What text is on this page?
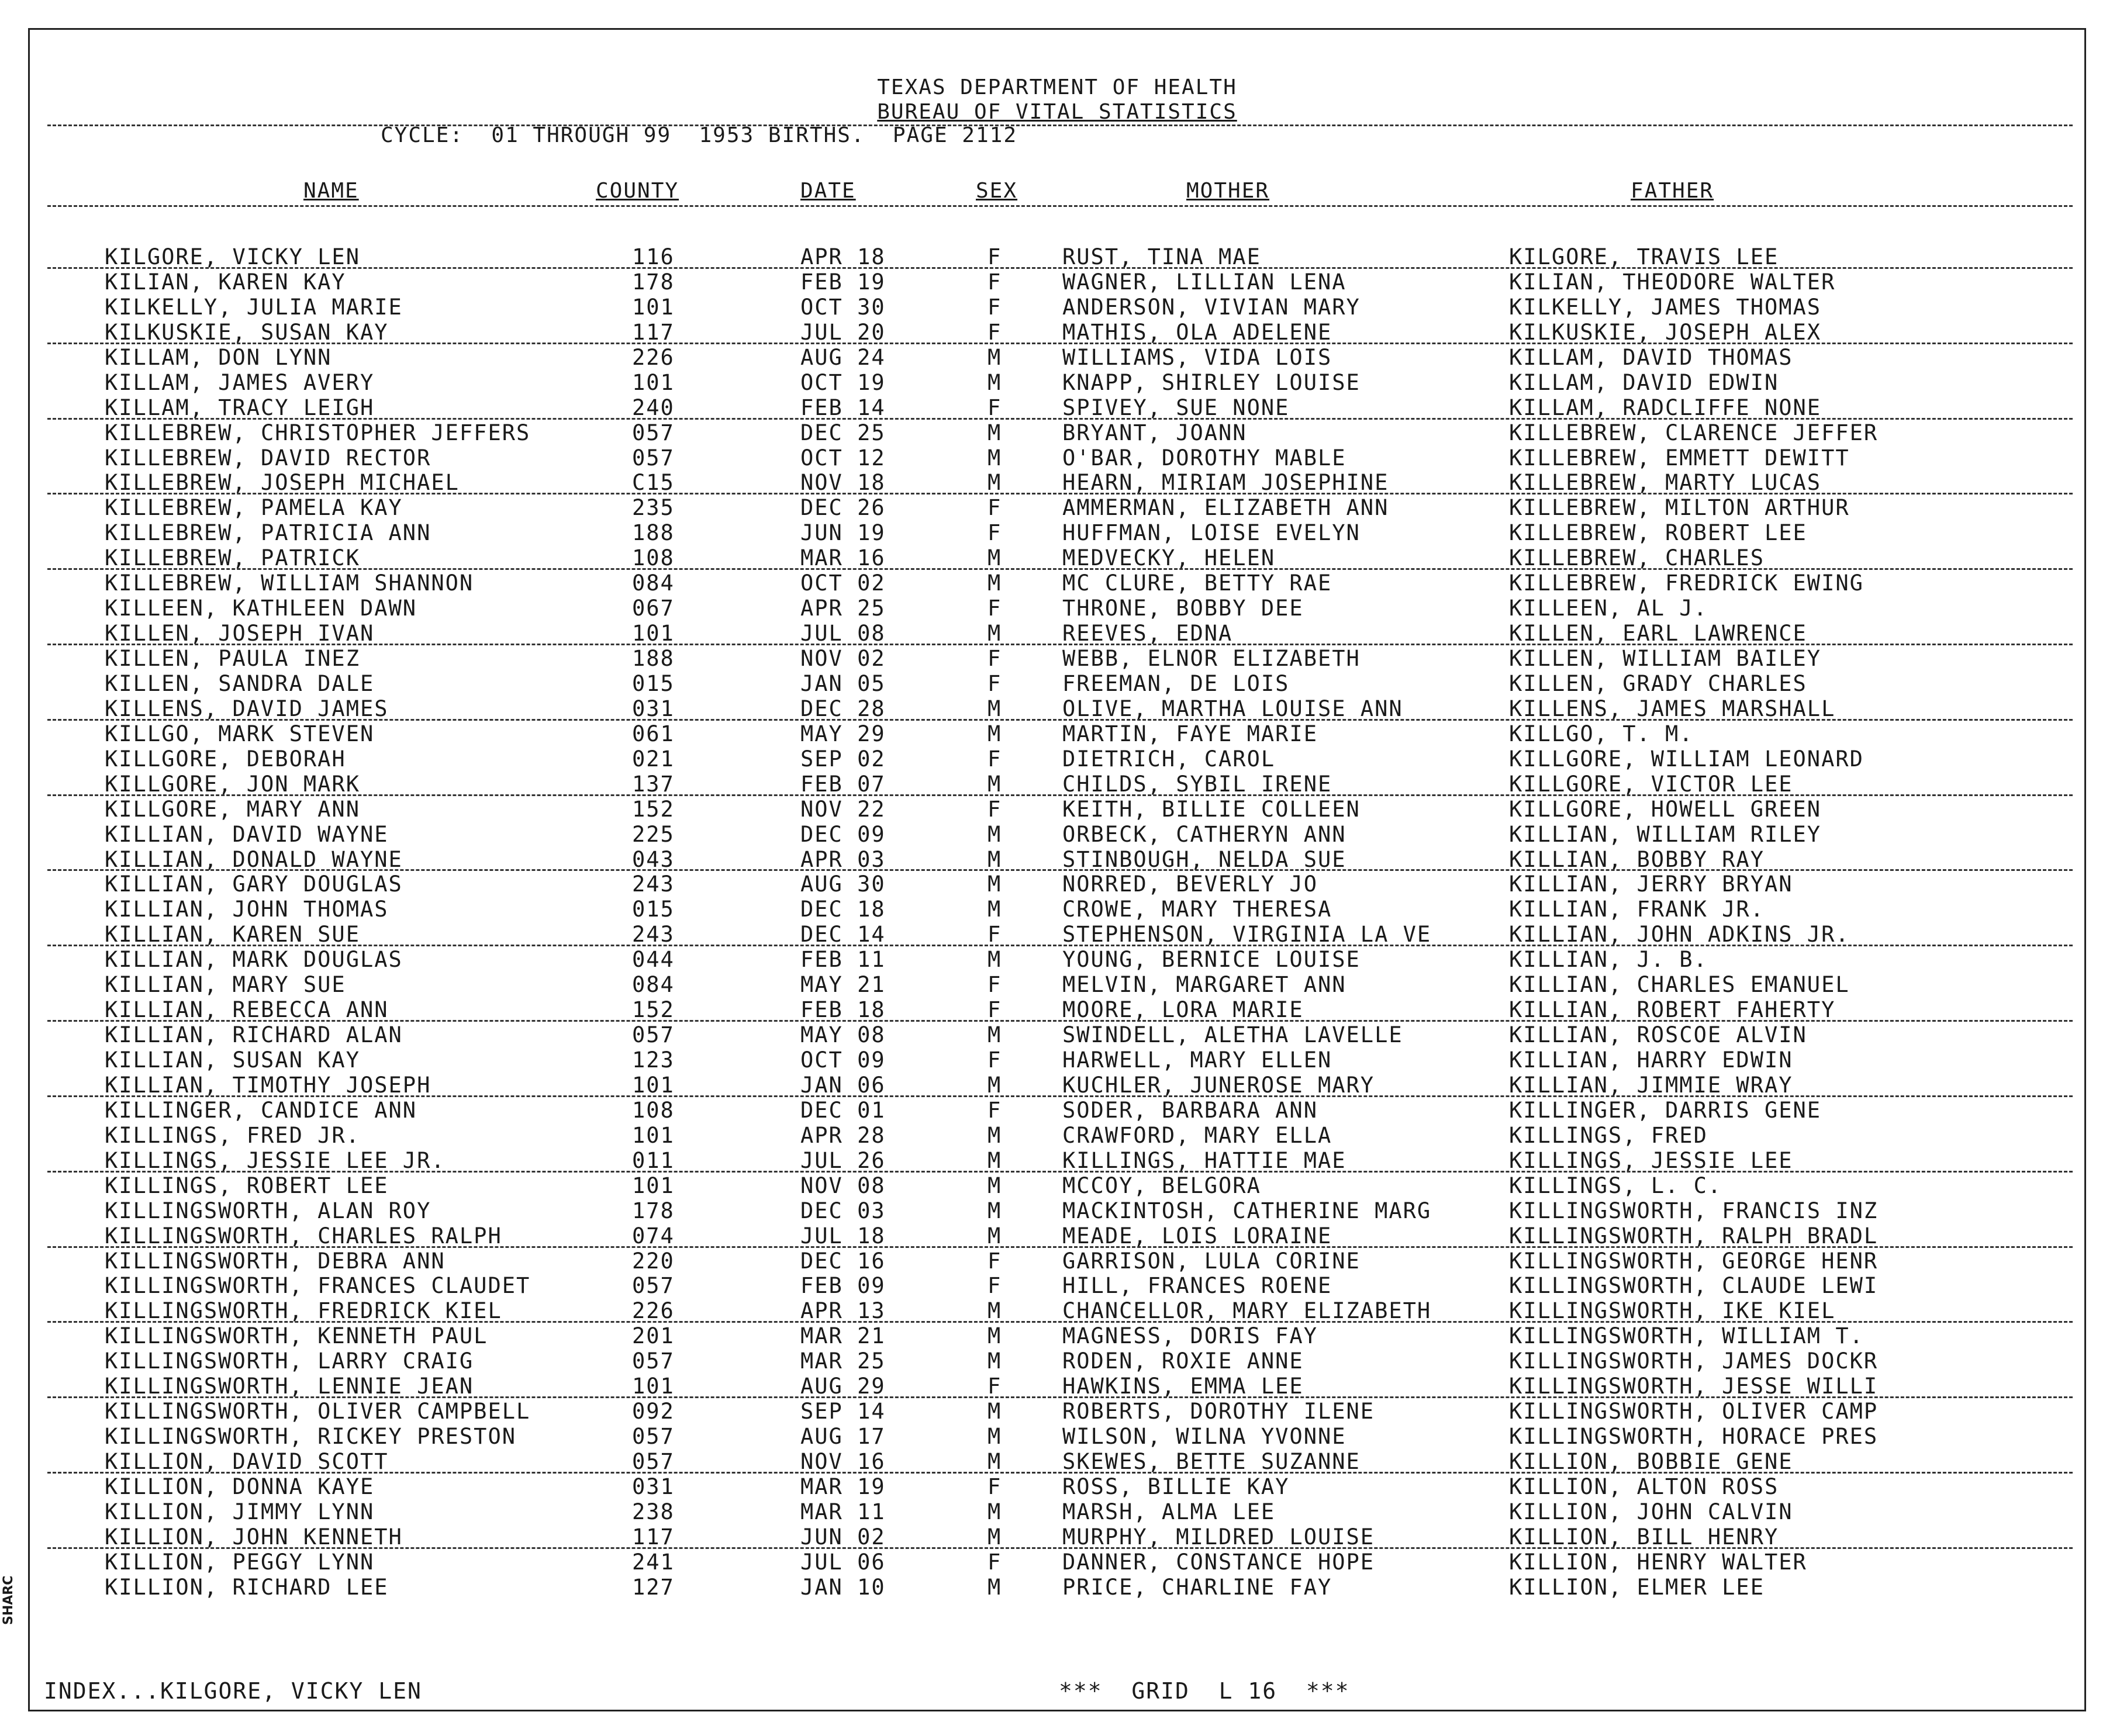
TEXAS DEPARTMENT OF HEALTH
BUREAU OF VITAL STATISTICS
CYCLE:  01 THROUGH 99  1953 BIRTHS.  PAGE 2112
NAME	COUNTY	DATE	SEX	MOTHER	FATHER
KILGORE, VICKY LEN	116	APR 18	F	RUST, TINA MAE	KILGORE, TRAVIS LEE
KILIAN, KAREN KAY	178	FEB 19	F	WAGNER, LILLIAN LENA	KILIAN, THEODORE WALTER
KILKELLY, JULIA MARIE	101	OCT 30	F	ANDERSON, VIVIAN MARY	KILKELLY, JAMES THOMAS
KILKUSKIE, SUSAN KAY	117	JUL 20	F	MATHIS, OLA ADELENE	KILKUSKIE, JOSEPH ALEX
KILLAM, DON LYNN	226	AUG 24	M	WILLIAMS, VIDA LOIS	KILLAM, DAVID THOMAS
KILLAM, JAMES AVERY	101	OCT 19	M	KNAPP, SHIRLEY LOUISE	KILLAM, DAVID EDWIN
KILLAM, TRACY LEIGH	240	FEB 14	F	SPIVEY, SUE NONE	KILLAM, RADCLIFFE NONE
KILLEBREW, CHRISTOPHER JEFFERS	057	DEC 25	M	BRYANT, JOANN	KILLEBREW, CLARENCE JEFFER
KILLEBREW, DAVID RECTOR	057	OCT 12	M	O'BAR, DOROTHY MABLE	KILLEBREW, EMMETT DEWITT
KILLEBREW, JOSEPH MICHAEL	C15	NOV 18	M	HEARN, MIRIAM JOSEPHINE	KILLEBREW, MARTY LUCAS
KILLEBREW, PAMELA KAY	235	DEC 26	F	AMMERMAN, ELIZABETH ANN	KILLEBREW, MILTON ARTHUR
KILLEBREW, PATRICIA ANN	188	JUN 19	F	HUFFMAN, LOISE EVELYN	KILLEBREW, ROBERT LEE
KILLEBREW, PATRICK	108	MAR 16	M	MEDVECKY, HELEN	KILLEBREW, CHARLES
KILLEBREW, WILLIAM SHANNON	084	OCT 02	M	MC CLURE, BETTY RAE	KILLEBREW, FREDRICK EWING
KILLEEN, KATHLEEN DAWN	067	APR 25	F	THRONE, BOBBY DEE	KILLEEN, AL J.
KILLEN, JOSEPH IVAN	101	JUL 08	M	REEVES, EDNA	KILLEN, EARL LAWRENCE
KILLEN, PAULA INEZ	188	NOV 02	F	WEBB, ELNOR ELIZABETH	KILLEN, WILLIAM BAILEY
KILLEN, SANDRA DALE	015	JAN 05	F	FREEMAN, DE LOIS	KILLEN, GRADY CHARLES
KILLENS, DAVID JAMES	031	DEC 28	M	OLIVE, MARTHA LOUISE ANN	KILLENS, JAMES MARSHALL
KILLGO, MARK STEVEN	061	MAY 29	M	MARTIN, FAYE MARIE	KILLGO, T. M.
KILLGORE, DEBORAH	021	SEP 02	F	DIETRICH, CAROL	KILLGORE, WILLIAM LEONARD
KILLGORE, JON MARK	137	FEB 07	M	CHILDS, SYBIL IRENE	KILLGORE, VICTOR LEE
KILLGORE, MARY ANN	152	NOV 22	F	KEITH, BILLIE COLLEEN	KILLGORE, HOWELL GREEN
KILLIAN, DAVID WAYNE	225	DEC 09	M	ORBECK, CATHERYN ANN	KILLIAN, WILLIAM RILEY
KILLIAN, DONALD WAYNE	043	APR 03	M	STINBOUGH, NELDA SUE	KILLIAN, BOBBY RAY
KILLIAN, GARY DOUGLAS	243	AUG 30	M	NORRED, BEVERLY JO	KILLIAN, JERRY BRYAN
KILLIAN, JOHN THOMAS	015	DEC 18	M	CROWE, MARY THERESA	KILLIAN, FRANK JR.
KILLIAN, KAREN SUE	243	DEC 14	F	STEPHENSON, VIRGINIA LA VE	KILLIAN, JOHN ADKINS JR.
KILLIAN, MARK DOUGLAS	044	FEB 11	M	YOUNG, BERNICE LOUISE	KILLIAN, J. B.
KILLIAN, MARY SUE	084	MAY 21	F	MELVIN, MARGARET ANN	KILLIAN, CHARLES EMANUEL
KILLIAN, REBECCA ANN	152	FEB 18	F	MOORE, LORA MARIE	KILLIAN, ROBERT FAHERTY
KILLIAN, RICHARD ALAN	057	MAY 08	M	SWINDELL, ALETHA LAVELLE	KILLIAN, ROSCOE ALVIN
KILLIAN, SUSAN KAY	123	OCT 09	F	HARWELL, MARY ELLEN	KILLIAN, HARRY EDWIN
KILLIAN, TIMOTHY JOSEPH	101	JAN 06	M	KUCHLER, JUNEROSE MARY	KILLIAN, JIMMIE WRAY
KILLINGER, CANDICE ANN	108	DEC 01	F	SODER, BARBARA ANN	KILLINGER, DARRIS GENE
KILLINGS, FRED JR.	101	APR 28	M	CRAWFORD, MARY ELLA	KILLINGS, FRED
KILLINGS, JESSIE LEE JR.	011	JUL 26	M	KILLINGS, HATTIE MAE	KILLINGS, JESSIE LEE
KILLINGS, ROBERT LEE	101	NOV 08	M	MCCOY, BELGORA	KILLINGS, L. C.
KILLINGSWORTH, ALAN ROY	178	DEC 03	M	MACKINTOSH, CATHERINE MARG	KILLINGSWORTH, FRANCIS INZ
KILLINGSWORTH, CHARLES RALPH	074	JUL 18	M	MEADE, LOIS LORAINE	KILLINGSWORTH, RALPH BRADL
KILLINGSWORTH, DEBRA ANN	220	DEC 16	F	GARRISON, LULA CORINE	KILLINGSWORTH, GEORGE HENR
KILLINGSWORTH, FRANCES CLAUDET	057	FEB 09	F	HILL, FRANCES ROENE	KILLINGSWORTH, CLAUDE LEWI
KILLINGSWORTH, FREDRICK KIEL	226	APR 13	M	CHANCELLOR, MARY ELIZABETH	KILLINGSWORTH, IKE KIEL
KILLINGSWORTH, KENNETH PAUL	201	MAR 21	M	MAGNESS, DORIS FAY	KILLINGSWORTH, WILLIAM T.
KILLINGSWORTH, LARRY CRAIG	057	MAR 25	M	RODEN, ROXIE ANNE	KILLINGSWORTH, JAMES DOCKR
KILLINGSWORTH, LENNIE JEAN	101	AUG 29	F	HAWKINS, EMMA LEE	KILLINGSWORTH, JESSE WILLI
KILLINGSWORTH, OLIVER CAMPBELL	092	SEP 14	M	ROBERTS, DOROTHY ILENE	KILLINGSWORTH, OLIVER CAMP
KILLINGSWORTH, RICKEY PRESTON	057	AUG 17	M	WILSON, WILNA YVONNE	KILLINGSWORTH, HORACE PRES
KILLION, DAVID SCOTT	057	NOV 16	M	SKEWES, BETTE SUZANNE	KILLION, BOBBIE GENE
KILLION, DONNA KAYE	031	MAR 19	F	ROSS, BILLIE KAY	KILLION, ALTON ROSS
KILLION, JIMMY LYNN	238	MAR 11	M	MARSH, ALMA LEE	KILLION, JOHN CALVIN
KILLION, JOHN KENNETH	117	JUN 02	M	MURPHY, MILDRED LOUISE	KILLION, BILL HENRY
KILLION, PEGGY LYNN	241	JUL 06	F	DANNER, CONSTANCE HOPE	KILLION, HENRY WALTER
KILLION, RICHARD LEE	127	JAN 10	M	PRICE, CHARLINE FAY	KILLION, ELMER LEE
INDEX...KILGORE, VICKY LEN	***  GRID  L 16  ***
SHARC
